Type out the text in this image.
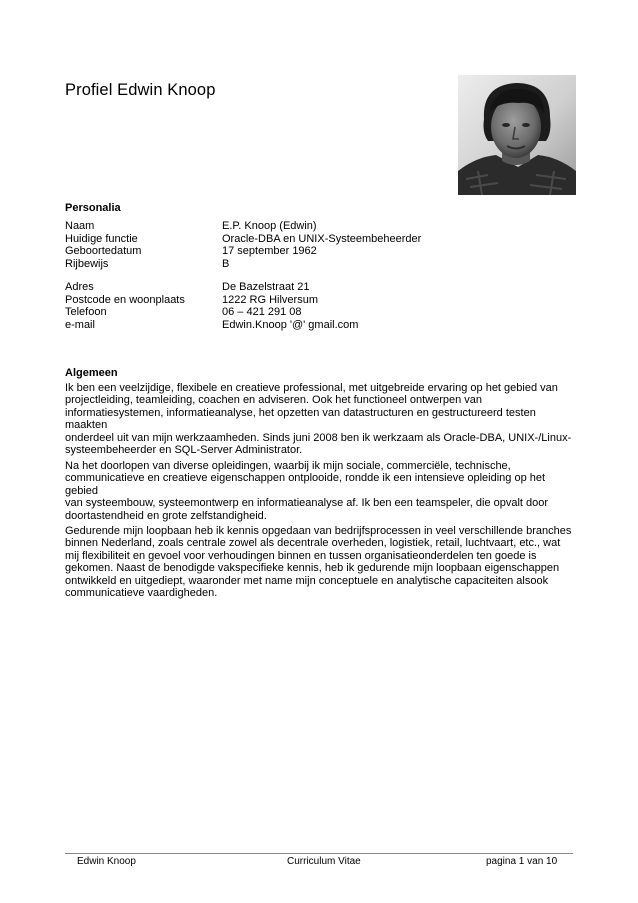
Profiel Edwin Knoop
Personalia
Naam	E.P. Knoop (Edwin)
Huidige functie	Oracle-DBA en UNIX-Systeembeheerder
Geboortedatum	17 september 1962
Rijbewijs	B
Adres	De Bazelstraat 21
Postcode en woonplaats	1222 RG Hilversum
Telefoon	06 – 421 291 08
e-mail	Edwin.Knoop '@' gmail.com
Algemeen

Ik ben een veelzijdige, flexibele en creatieve professional, met uitgebreide ervaring op het gebied van
projectleiding, teamleiding, coachen en adviseren. Ook het functioneel ontwerpen van
informatiesystemen, informatieanalyse, het opzetten van datastructuren en gestructureerd testen maakten
onderdeel uit van mijn werkzaamheden. Sinds juni 2008 ben ik werkzaam als Oracle-DBA, UNIX-/Linux-
systeembeheerder en SQL-Server Administrator.

Na het doorlopen van diverse opleidingen, waarbij ik mijn sociale, commerciële, technische,
communicatieve en creatieve eigenschappen ontplooide, rondde ik een intensieve opleiding op het gebied
van systeembouw, systeemontwerp en informatieanalyse af. Ik ben een teamspeler, die opvalt door
doortastendheid en grote zelfstandigheid.

Gedurende mijn loopbaan heb ik kennis opgedaan van bedrijfsprocessen in veel verschillende branches
binnen Nederland, zoals centrale zowel als decentrale overheden, logistiek, retail, luchtvaart, etc., wat
mij flexibiliteit en gevoel voor verhoudingen binnen en tussen organisatieonderdelen ten goede is
gekomen. Naast de benodigde vakspecifieke kennis, heb ik gedurende mijn loopbaan eigenschappen
ontwikkeld en uitgediept, waaronder met name mijn conceptuele en analytische capaciteiten alsook
communicatieve vaardigheden.

Edwin Knoop	Curriculum Vitae	pagina 1 van 10
